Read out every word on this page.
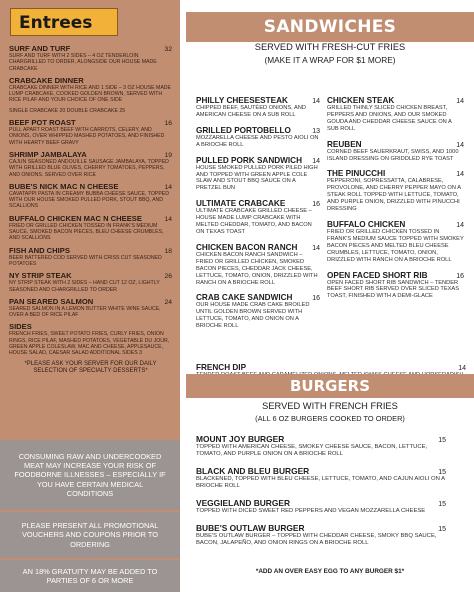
Entrees
SURF AND TURF	32
SURF AND TURF WITH 2 SIDES – 4 OZ TENDERLOIN CHARGRILLED TO ORDER, ALONGSIDE OUR HOUSE MADE CRABCAKE
CRABCAKE DINNER
CRABCAKE DINNER WITH RICE AND 1 SIDE – 3 OZ HOUSE MADE LUMP CRABCAKE, COOKED GOLDEN BROWN, SERVED WITH RICE PILAF AND YOUR CHOICE OF ONE SIDE
SINGLE CRABCAKE 20 DOUBLE CRABCAKE 25
BEEF POT ROAST	16
PULL APART ROAST BEEF WITH CARROTS, CELERY, AND ONIONS, OVER WHIPPED MASHED POTATOES, AND FINISHED WITH HEARTY BEEF GRAVY
SHRIMP JAMBALAYA	19
CAJUN SEASONED ANDOUILLE SAUSAGE JAMBALAYA, TOPPED WITH GRILLED BLUE OLIVES, CHERRY TOMATOES, PEPPERS, AND ONIONS. SERVED OVER RICE
BUBE'S NICK MAC N CHEESE	14
CAVATAPPI PASTA IN CREAMY BUBBA CHEESE SAUCE, TOPPED WITH OUR HOUSE SMOKED PULLED PORK, STOUT BBQ, AND SCALLIONS
BUFFALO CHICKEN MAC N CHEESE	14
FRIED OR GRILLED CHICKEN TOSSED IN FRANK'S MEDIUM SAUCE, SMOKED BACON PIECES, BLEU CHEESE CRUMBLES, AND SCALLIONS
FISH AND CHIPS	18
BEER BATTERED COD SERVED WITH CRISS CUT SEASONED POTATOES
NY STRIP STEAK	26
NY STRIP STEAK WITH 2 SIDES – HAND CUT 12 OZ, LIGHTLY SEASONED AND CHARGRILLED TO ORDER
PAN SEARED SALMON	24
SEARED SALMON IN A LEMON BUTTER WHITE WINE SAUCE, OVER A BED OF RICE PILAF
SIDES
FRENCH FRIES, SWEET POTATO FRIES, CURLY FRIES, ONION RINGS, RICE PILAF, MASHED POTATOES, VEGETABLE DU JOUR, GREEN APPLE COLESLAW, MAC AND CHEESE, APPLESAUCE, HOUSE SALAD, CAESAR SALAD ADDITIONAL SIDES 3
*PLEASE ASK YOUR SERVER FOR OUR DAILY SELECTION OF SPECIALTY DESSERTS*
CONSUMING RAW AND UNDERCOOKED MEAT MAY INCREASE YOUR RISK OF FOODBORNE ILLNESSES – ESPECIALLY IF YOU HAVE CERTAIN MEDICAL CONDITIONS
PLEASE PRESENT ALL PROMOTIONAL VOUCHERS AND COUPONS PRIOR TO ORDERING
AN 18% GRATUITY MAY BE ADDED TO PARTIES OF 6 OR MORE
SANDWICHES
SERVED WITH FRESH-CUT FRIES
(MAKE IT A WRAP FOR $1 MORE)
PHILLY CHEESESTEAK	14
CHIPPED BEEF, SAUTÉED ONIONS, AND AMERICAN CHEESE ON A SUB ROLL
GRILLED PORTOBELLO	13
MOZZARELLA CHEESE AND PESTO AIOLI ON A BRIOCHE ROLL
PULLED PORK SANDWICH 14
HOUSE SMOKED PULLED PORK PILED HIGH AND TOPPED WITH GREEN APPLE COLE SLAW AND STOUT BBQ SAUCE ON A PRETZEL BUN
ULTIMATE CRABCAKE	16
ULTIMATE CRABCAKE GRILLED CHEESE – HOUSE MADE LUMP CRABCAKE WITH MELTED CHEDDAR, TOMATO, AND BACON ON TEXAS TOAST
CHICKEN BACON RANCH 14
CHICKEN BACON RANCH SANDWICH – FRIED OR GRILLED CHICKEN, SMOKED BACON PIECES, CHEDDAR JACK CHEESE, LETTUCE, TOMATO, ONION, DRIZZLED WITH RANCH ON A BRIOCHE ROLL
CRAB CAKE SANDWICH	16
OUR HOUSE MADE CRAB CAKE BROILED UNTIL GOLDEN BROWN SERVED WITH LETTUCE, TOMATO, AND ONION ON A BRIOCHE ROLL
CHICKEN STEAK	14
GRILLED THINLY SLICED CHICKEN BREAST, PEPPERS AND ONIONS, AND OUR SMOKED GOUDA AND CHEDDAR CHEESE SAUCE ON A SUB ROLL
REUBEN	14
CORNED BEEF SAUERKRAUT, SWISS, AND 1000 ISLAND DRESSING ON GRIDDLED RYE TOAST
THE PINUCCHI	14
PEPPERONI, SOPRESSATTA, CALABRESE, PROVOLONE, AND CHERRY PEPPER MAYO ON A STEAK ROLL TOPPED WITH LETTUCE, TOMATO, AND PURPLE ONION, DRIZZLED WITH PINUCCHI DRESSING
BUFFALO CHICKEN	14
FRIED OR GRILLED CHICKEN TOSSED IN FRANK'S MEDIUM SAUCE TOPPED WITH SMOKEY BACON PIECES AND MELTED BLEU CHEESE CRUMBLES, LETTUCE, TOMATO, ONION, DRIZZLED WITH RANCH ON A BRIOCHE ROLL
OPEN FACED SHORT RIB	16
OPEN FACED SHORT RIB SANDWICH – TENDER BEEF SHORT RIB SERVED OVER SLICED TEXAS TOAST, FINISHED WITH A DEMI-GLACE
FRENCH DIP	14
BURGERS
SERVED WITH FRENCH FRIES
(ALL 6 OZ BURGERS COOKED TO ORDER)
MOUNT JOY BURGER	15
TOPPED WITH AMERICAN CHEESE, SMOKEY CHEESE SAUCE, BACON, LETTUCE, TOMATO, AND PURPLE ONION ON A BRIOCHE ROLL
BLACK AND BLEU BURGER	15
BLACKENED, TOPPED WITH BLEU CHEESE, LETTUCE, TOMATO, AND CAJUN AIOLI ON A BRIOCHE ROLL
VEGGIELAND BURGER	15
TOPPED WITH DICED SWEET RED PEPPERS AND VEGAN MOZZARELLA CHEESE
BUBE'S OUTLAW BURGER	15
BUBE'S OUTLAW BURGER – TOPPED WITH CHEDDAR CHEESE, SMOKY BBQ SAUCE, BACON, JALAPEÑO, AND ONION RINGS ON A BRIOCHE ROLL
*ADD AN OVER EASY EGG TO ANY BURGER $1*
